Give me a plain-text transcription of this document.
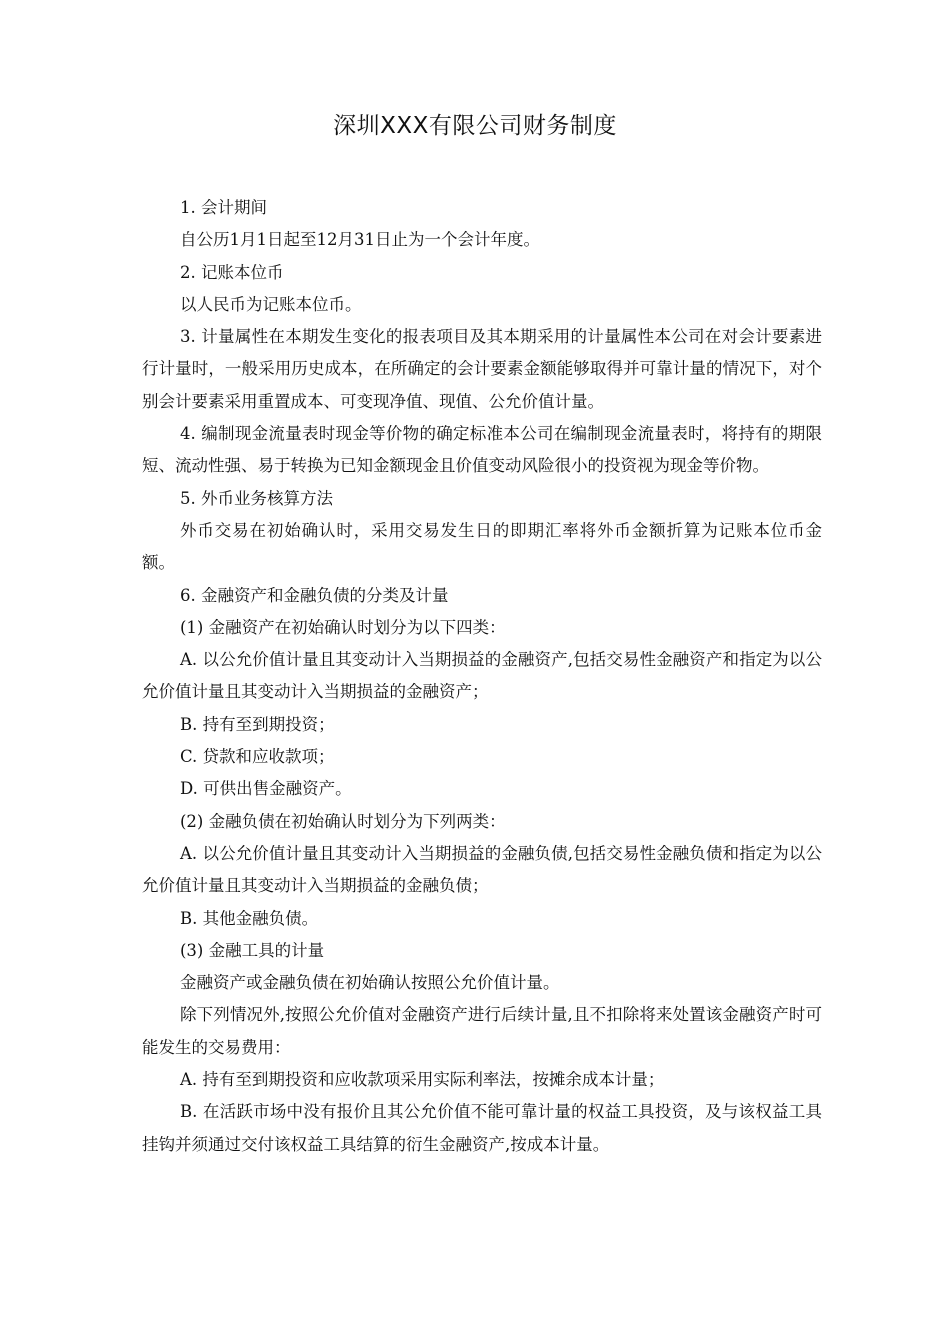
深圳XXX有限公司财务制度

1. 会计期间

自公历1月1日起至12月31日止为一个会计年度。

2. 记账本位币

以人民币为记账本位币。

3. 计量属性在本期发生变化的报表项目及其本期采用的计量属性本公司在对会计要素进行计量时，一般采用历史成本，在所确定的会计要素金额能够取得并可靠计量的情况下，对个别会计要素采用重置成本、可变现净值、现值、公允价值计量。

4. 编制现金流量表时现金等价物的确定标准本公司在编制现金流量表时，将持有的期限短、流动性强、易于转换为已知金额现金且价值变动风险很小的投资视为现金等价物。

5. 外币业务核算方法

外币交易在初始确认时，采用交易发生日的即期汇率将外币金额折算为记账本位币金额。

6. 金融资产和金融负债的分类及计量

(1) 金融资产在初始确认时划分为以下四类：

A. 以公允价值计量且其变动计入当期损益的金融资产,包括交易性金融资产和指定为以公允价值计量且其变动计入当期损益的金融资产；

B. 持有至到期投资；

C. 贷款和应收款项；

D. 可供出售金融资产。

(2) 金融负债在初始确认时划分为下列两类：

A. 以公允价值计量且其变动计入当期损益的金融负债,包括交易性金融负债和指定为以公允价值计量且其变动计入当期损益的金融负债；

B. 其他金融负债。

(3) 金融工具的计量

金融资产或金融负债在初始确认按照公允价值计量。

除下列情况外,按照公允价值对金融资产进行后续计量,且不扣除将来处置该金融资产时可能发生的交易费用：

A. 持有至到期投资和应收款项采用实际利率法，按摊余成本计量；

B. 在活跃市场中没有报价且其公允价值不能可靠计量的权益工具投资，及与该权益工具挂钩并须通过交付该权益工具结算的衍生金融资产,按成本计量。
